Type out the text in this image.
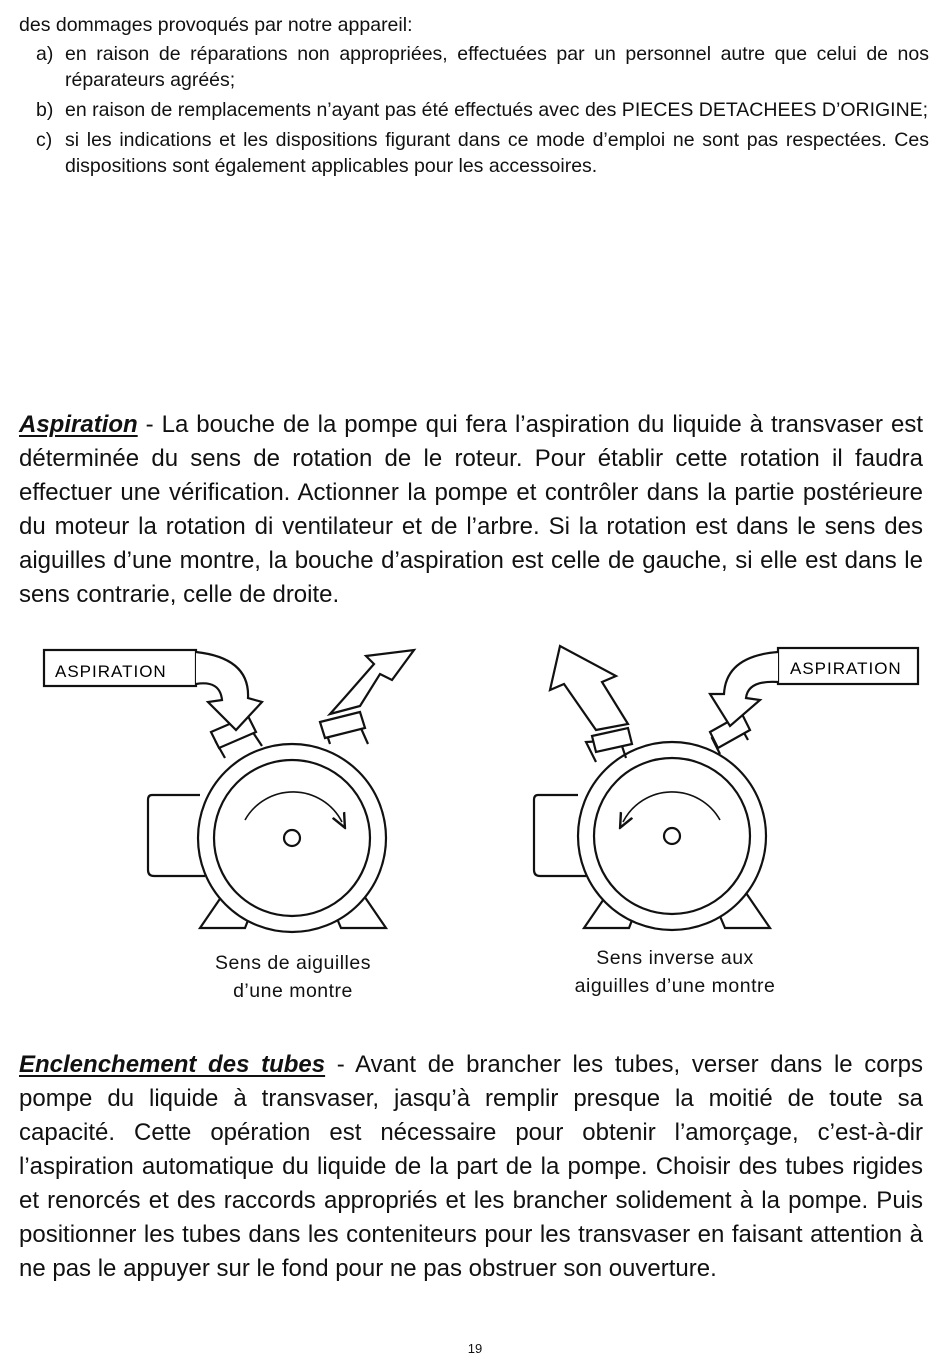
des dommages provoqués par notre appareil:

a) en raison de réparations non appropriées, effectuées par un personnel autre que celui de nos réparateurs agréés;
b) en raison de remplacements n’ayant pas été effectués avec des PIECES DETACHEES D’ORIGINE;
c) si les indications et les dispositions figurant dans ce mode d’emploi ne sont pas respectées. Ces dispositions sont également applicables pour les accessoires.

Aspiration - La bouche de la pompe qui fera l’aspiration du liquide à transvaser est déterminée du sens de rotation de le roteur. Pour établir cette rotation il faudra effectuer une vérification. Actionner la pompe et contrôler dans la partie postérieure du moteur la rotation di ventilateur et de l’arbre. Si la rotation est dans le sens des aiguilles d’une montre, la bouche d’aspiration est celle de gauche, si elle est dans le sens contrarie, celle de droite.

ASPIRATION	ASPIRATION
Sens de aiguilles
d’une montre
Sens inverse aux
aiguilles d’une montre

Enclenchement des tubes - Avant de brancher les tubes, verser dans le corps pompe du liquide à transvaser, jasqu’à remplir presque la moitié de toute sa capacité. Cette opération est nécessaire pour obtenir l’amorçage, c’est-à-dir l’aspiration automatique du liquide de la part de la pompe. Choisir des tubes rigides et renorcés et des raccords appropriés et les brancher solidement à la pompe. Puis positionner les tubes dans les conteniteurs pour les transvaser en faisant attention à ne pas le appuyer sur le fond pour ne pas obstruer son ouverture.

19
